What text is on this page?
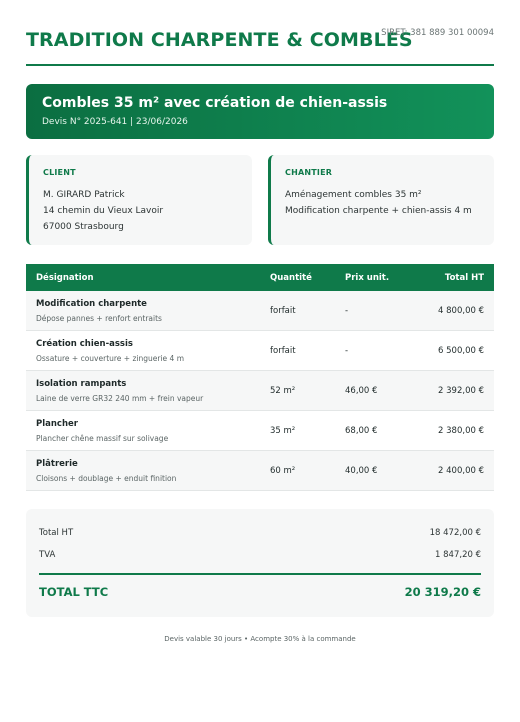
TRADITION CHARPENTE & COMBLES
SIRET: 381 889 301 00094
Combles 35 m² avec création de chien-assis
Devis N° 2025-641 | 23/06/2026
CLIENT
M. GIRARD Patrick
14 chemin du Vieux Lavoir
67000 Strasbourg
CHANTIER
Aménagement combles 35 m²
Modification charpente + chien-assis 4 m
Désignation	Quantité	Prix unit.	Total HT
Modification charpente
Dépose pannes + renfort entraits
forfait	-	4 800,00 €
Création chien-assis
Ossature + couverture + zinguerie 4 m
forfait	-	6 500,00 €
Isolation rampants
Laine de verre GR32 240 mm + frein vapeur
52 m²	46,00 €	2 392,00 €
Plancher
Plancher chêne massif sur solivage
35 m²	68,00 €	2 380,00 €
Plâtrerie
Cloisons + doublage + enduit finition
60 m²	40,00 €	2 400,00 €
Total HT	18 472,00 €
TVA	1 847,20 €
TOTAL TTC	20 319,20 €
Devis valable 30 jours • Acompte 30% à la commande
